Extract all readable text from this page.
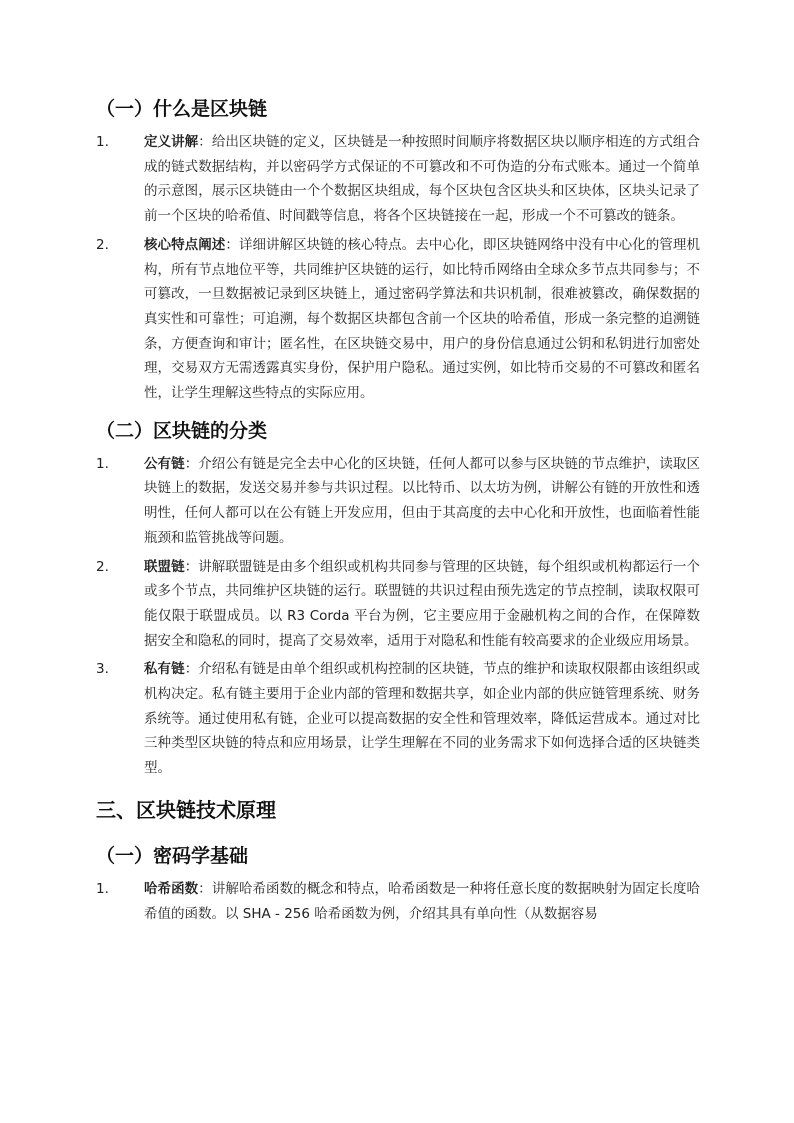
（一）什么是区块链
1.	定义讲解：给出区块链的定义，区块链是一种按照时间顺序将数据区块以顺序相连的方式组合成的链式数据结构，并以密码学方式保证的不可篡改和不可伪造的分布式账本。通过一个简单的示意图，展示区块链由一个个数据区块组成，每个区块包含区块头和区块体，区块头记录了前一个区块的哈希值、时间戳等信息，将各个区块链接在一起，形成一个不可篡改的链条。

2.	核心特点阐述：详细讲解区块链的核心特点。去中心化，即区块链网络中没有中心化的管理机构，所有节点地位平等，共同维护区块链的运行，如比特币网络由全球众多节点共同参与；不可篡改，一旦数据被记录到区块链上，通过密码学算法和共识机制，很难被篡改，确保数据的真实性和可靠性；可追溯，每个数据区块都包含前一个区块的哈希值，形成一条完整的追溯链条，方便查询和审计；匿名性，在区块链交易中，用户的身份信息通过公钥和私钥进行加密处理，交易双方无需透露真实身份，保护用户隐私。通过实例，如比特币交易的不可篡改和匿名性，让学生理解这些特点的实际应用。

（二）区块链的分类
1.	公有链：介绍公有链是完全去中心化的区块链，任何人都可以参与区块链的节点维护，读取区块链上的数据，发送交易并参与共识过程。以比特币、以太坊为例，讲解公有链的开放性和透明性，任何人都可以在公有链上开发应用，但由于其高度的去中心化和开放性，也面临着性能瓶颈和监管挑战等问题。

2.	联盟链：讲解联盟链是由多个组织或机构共同参与管理的区块链，每个组织或机构都运行一个或多个节点，共同维护区块链的运行。联盟链的共识过程由预先选定的节点控制，读取权限可能仅限于联盟成员。以 R3 Corda 平台为例，它主要应用于金融机构之间的合作，在保障数据安全和隐私的同时，提高了交易效率，适用于对隐私和性能有较高要求的企业级应用场景。

3.	私有链：介绍私有链是由单个组织或机构控制的区块链，节点的维护和读取权限都由该组织或机构决定。私有链主要用于企业内部的管理和数据共享，如企业内部的供应链管理系统、财务系统等。通过使用私有链，企业可以提高数据的安全性和管理效率，降低运营成本。通过对比三种类型区块链的特点和应用场景，让学生理解在不同的业务需求下如何选择合适的区块链类型。

三、区块链技术原理
（一）密码学基础
1.	哈希函数：讲解哈希函数的概念和特点，哈希函数是一种将任意长度的数据映射为固定长度哈希值的函数。以 SHA - 256 哈希函数为例，介绍其具有单向性（从数据容易
